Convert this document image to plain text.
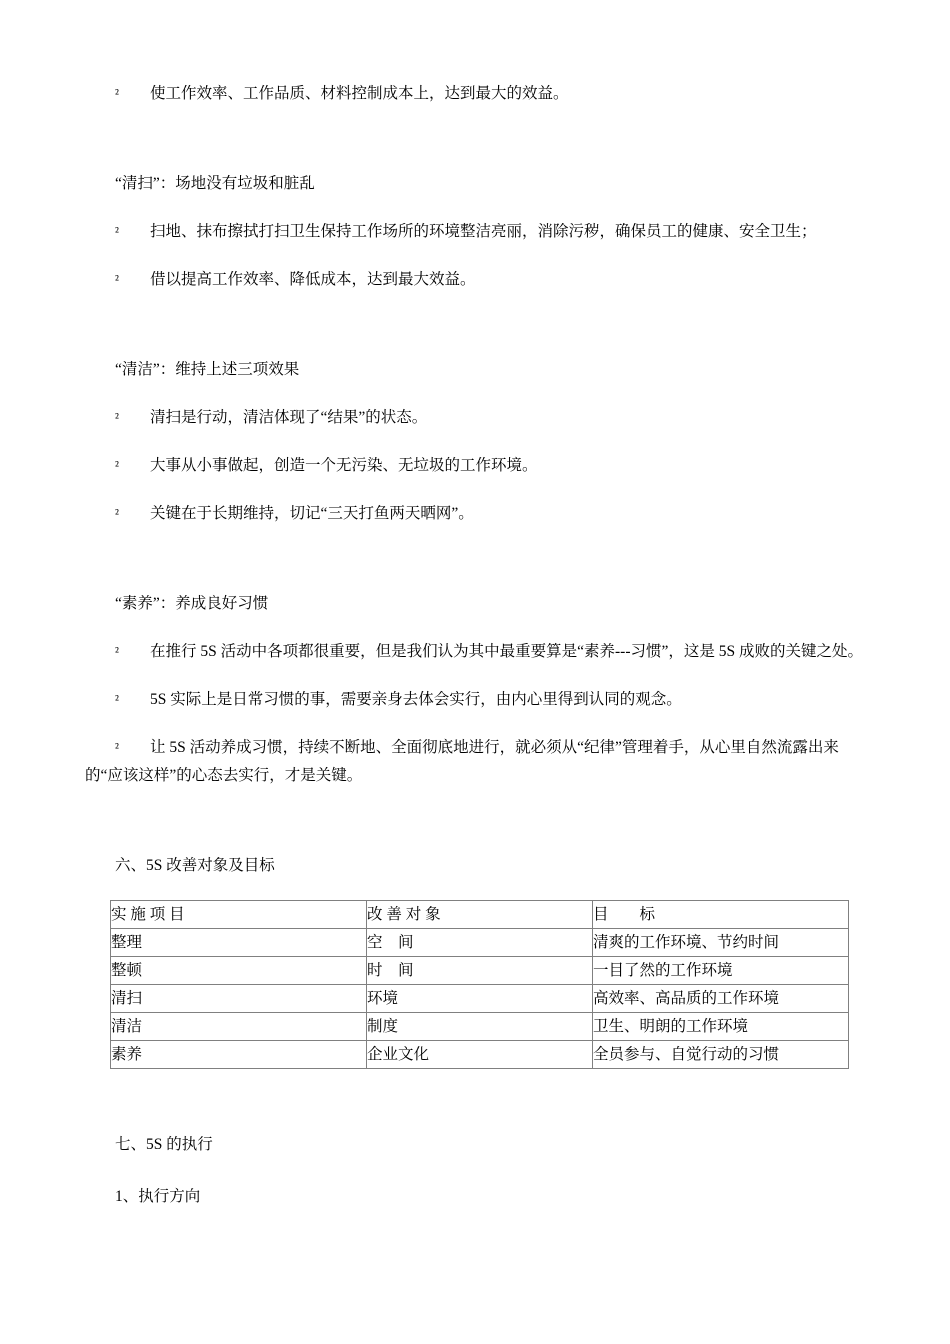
² 使工作效率、工作品质、材料控制成本上，达到最大的效益。

“清扫”：场地没有垃圾和脏乱

² 扫地、抹布擦拭打扫卫生保持工作场所的环境整洁亮丽，消除污秽，确保员工的健康、安全卫生；

² 借以提高工作效率、降低成本，达到最大效益。

“清洁”：维持上述三项效果

² 清扫是行动，清洁体现了“结果”的状态。

² 大事从小事做起，创造一个无污染、无垃圾的工作环境。

² 关键在于长期维持，切记“三天打鱼两天晒网”。

“素养”：养成良好习惯

² 在推行 5S 活动中各项都很重要，但是我们认为其中最重要算是“素养---习惯”，这是 5S 成败的关键之处。

² 5S 实际上是日常习惯的事，需要亲身去体会实行，由内心里得到认同的观念。

² 让 5S 活动养成习惯，持续不断地、全面彻底地进行，就必须从“纪律”管理着手，从心里自然流露出来的“应该这样”的心态去实行，才是关键。

六、5S 改善对象及目标

实 施 项 目	改 善 对 象	目　　标
整理	空　间	清爽的工作环境、节约时间
整顿	时　间	一目了然的工作环境
清扫	环境	高效率、高品质的工作环境
清洁	制度	卫生、明朗的工作环境
素养	企业文化	全员参与、自觉行动的习惯

七、5S 的执行

1、执行方向
